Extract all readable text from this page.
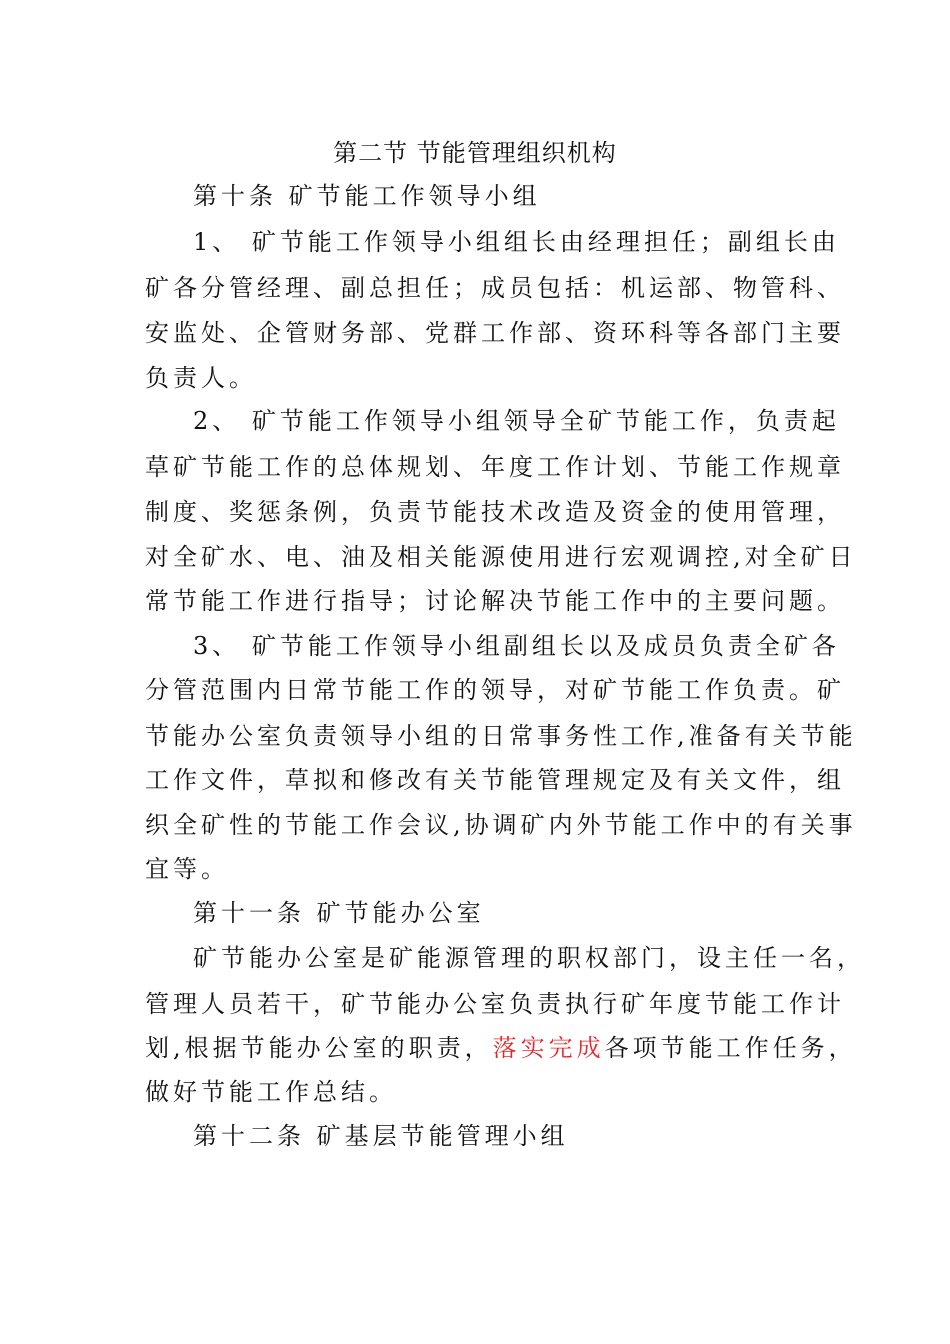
第二节 节能管理组织机构
第十条 矿节能工作领导小组
1、 矿节能工作领导小组组长由经理担任；副组长由
矿各分管经理、副总担任；成员包括：机运部、物管科、
安监处、企管财务部、党群工作部、资环科等各部门主要
负责人。
2、 矿节能工作领导小组领导全矿节能工作，负责起
草矿节能工作的总体规划、年度工作计划、节能工作规章
制度、奖惩条例，负责节能技术改造及资金的使用管理，
对全矿水、电、油及相关能源使用进行宏观调控,对全矿日
常节能工作进行指导；讨论解决节能工作中的主要问题。
3、 矿节能工作领导小组副组长以及成员负责全矿各
分管范围内日常节能工作的领导，对矿节能工作负责。矿
节能办公室负责领导小组的日常事务性工作,准备有关节能
工作文件，草拟和修改有关节能管理规定及有关文件，组
织全矿性的节能工作会议,协调矿内外节能工作中的有关事
宜等。
第十一条 矿节能办公室
矿节能办公室是矿能源管理的职权部门，设主任一名，
管理人员若干，矿节能办公室负责执行矿年度节能工作计
划,根据节能办公室的职责，落实完成各项节能工作任务，
做好节能工作总结。
第十二条 矿基层节能管理小组
